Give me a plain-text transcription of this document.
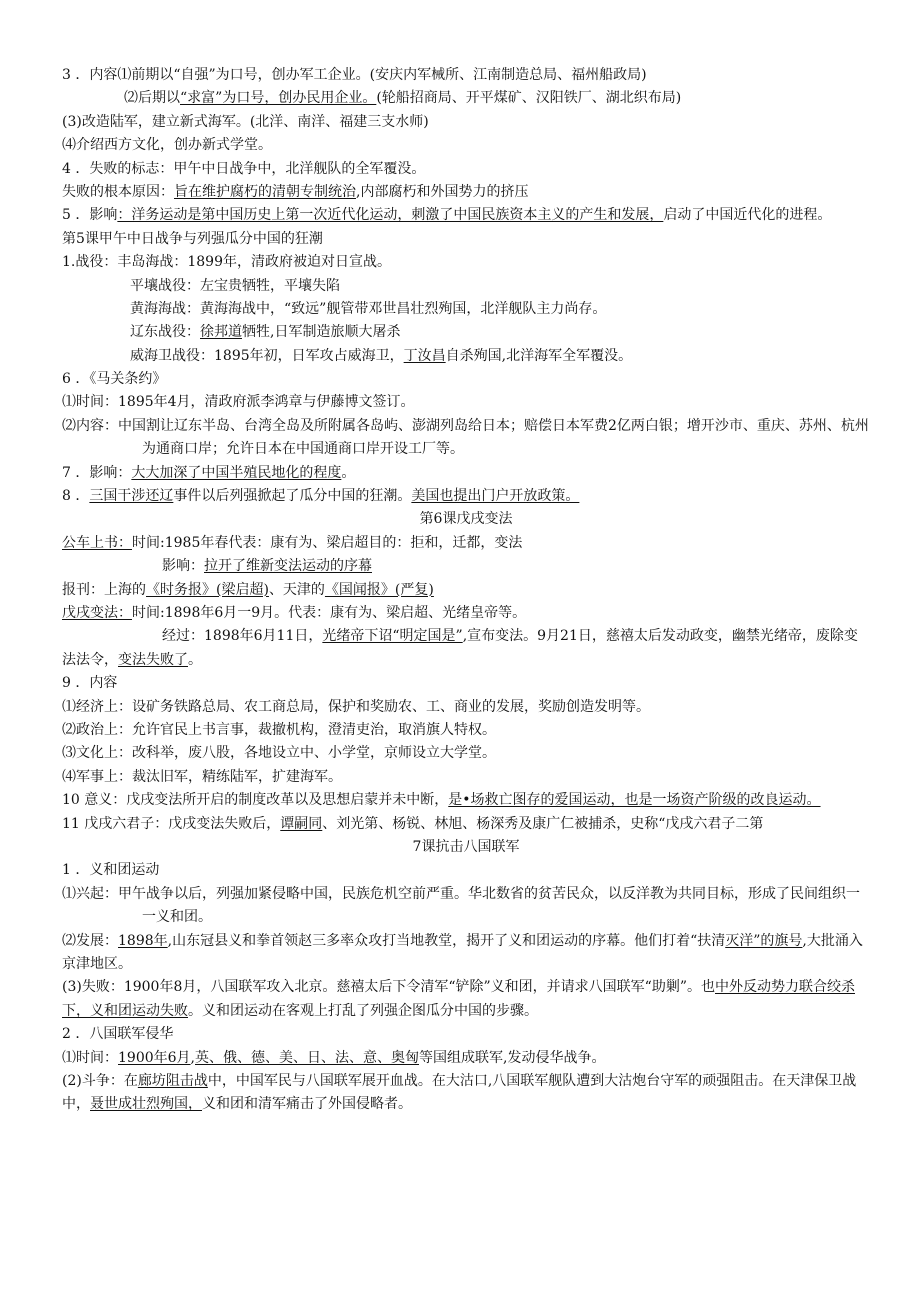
3 ．内容⑴前期以“自强”为口号，创办军工企业。(安庆内军械所、江南制造总局、福州船政局)
⑵后期以“求富”为口号，创办民用企业。(轮船招商局、开平煤矿、汉阳铁厂、湖北织布局)
(3)改造陆军，建立新式海军。(北洋、南洋、福建三支水师)
⑷介绍西方文化，创办新式学堂。
4 ．失败的标志：甲午中日战争中，北洋舰队的全军覆没。
失败的根本原因：旨在维护腐朽的清朝专制统治,内部腐朽和外国势力的挤压
5 ．影响：洋务运动是第中国历史上第一次近代化运动，刺激了中国民族资本主义的产生和发展，启动了中国近代化的进程。
第5课甲午中日战争与列强瓜分中国的狂潮
1.战役：丰岛海战：1899年，清政府被迫对日宣战。
平壤战役：左宝贵牺牲，平壤失陷
黄海海战：黄海海战中，“致远”舰管带邓世昌壮烈殉国，北洋舰队主力尚存。
辽东战役：徐邦道牺牲,日军制造旅顺大屠杀
威海卫战役：1895年初，日军攻占威海卫，丁汝昌自杀殉国,北洋海军全军覆没。
6 ．《马关条约》
⑴时间：1895年4月，清政府派李鸿章与伊藤博文签订。
⑵内容：中国割让辽东半岛、台湾全岛及所附属各岛屿、澎湖列岛给日本；赔偿日本军费2亿两白银；增开沙市、重庆、苏州、杭州为通商口岸；允许日本在中国通商口岸开设工厂等。
7 ．影响：大大加深了中国半殖民地化的程度。
8 ．三国干涉还辽事件以后列强掀起了瓜分中国的狂潮。美国也提出门户开放政策。
第6课戊戌变法
公车上书：时间:1985年春代表：康有为、梁启超目的：拒和，迁都，变法
影响：拉开了维新变法运动的序幕
报刊：上海的《时务报》(梁启超)、天津的《国闻报》(严复)
戊戌变法：时间:1898年6月一9月。代表：康有为、梁启超、光绪皇帝等。
经过：1898年6月11日，光绪帝下诏“明定国是”,宣布变法。9月21日，慈禧太后发动政变，幽禁光绪帝，废除变法法令，变法失败了。
9 ．内容
⑴经济上：设矿务铁路总局、农工商总局，保护和奖励农、工、商业的发展，奖励创造发明等。
⑵政治上：允许官民上书言事，裁撤机构，澄清吏治，取消旗人特权。
⑶文化上：改科举，废八股，各地设立中、小学堂，京师设立大学堂。
⑷军事上：裁汰旧军，精练陆军，扩建海军。
10 意义：戊戌变法所开启的制度改革以及思想启蒙并未中断，是•场救亡图存的爱国运动，也是一场资产阶级的改良运动。
11 戊戌六君子：戊戌变法失败后，谭嗣同、刘光第、杨锐、林旭、杨深秀及康广仁被捕杀，史称“戊戌六君子二第
7课抗击八国联军
1 ．义和团运动
⑴兴起：甲午战争以后，列强加紧侵略中国，民族危机空前严重。华北数省的贫苦民众，以反洋教为共同目标，形成了民间组织一一义和团。
⑵发展：1898年,山东冠县义和拳首领赵三多率众攻打当地教堂，揭开了义和团运动的序幕。他们打着“扶清灭洋”的旗号,大批涌入京津地区。
(3)失败：1900年8月，八国联军攻入北京。慈禧太后下令清军“铲除”义和团，并请求八国联军“助剿”。也中外反动势力联合绞杀下，义和团运动失败。义和团运动在客观上打乱了列强企图瓜分中国的步骤。
2 ．八国联军侵华
⑴时间：1900年6月,英、俄、德、美、日、法、意、奥匈等国组成联军,发动侵华战争。
(2)斗争：在廊坊阻击战中，中国军民与八国联军展开血战。在大沽口,八国联军舰队遭到大沽炮台守军的顽强阻击。在天津保卫战中，聂世成壮烈殉国，义和团和清军痛击了外国侵略者。
